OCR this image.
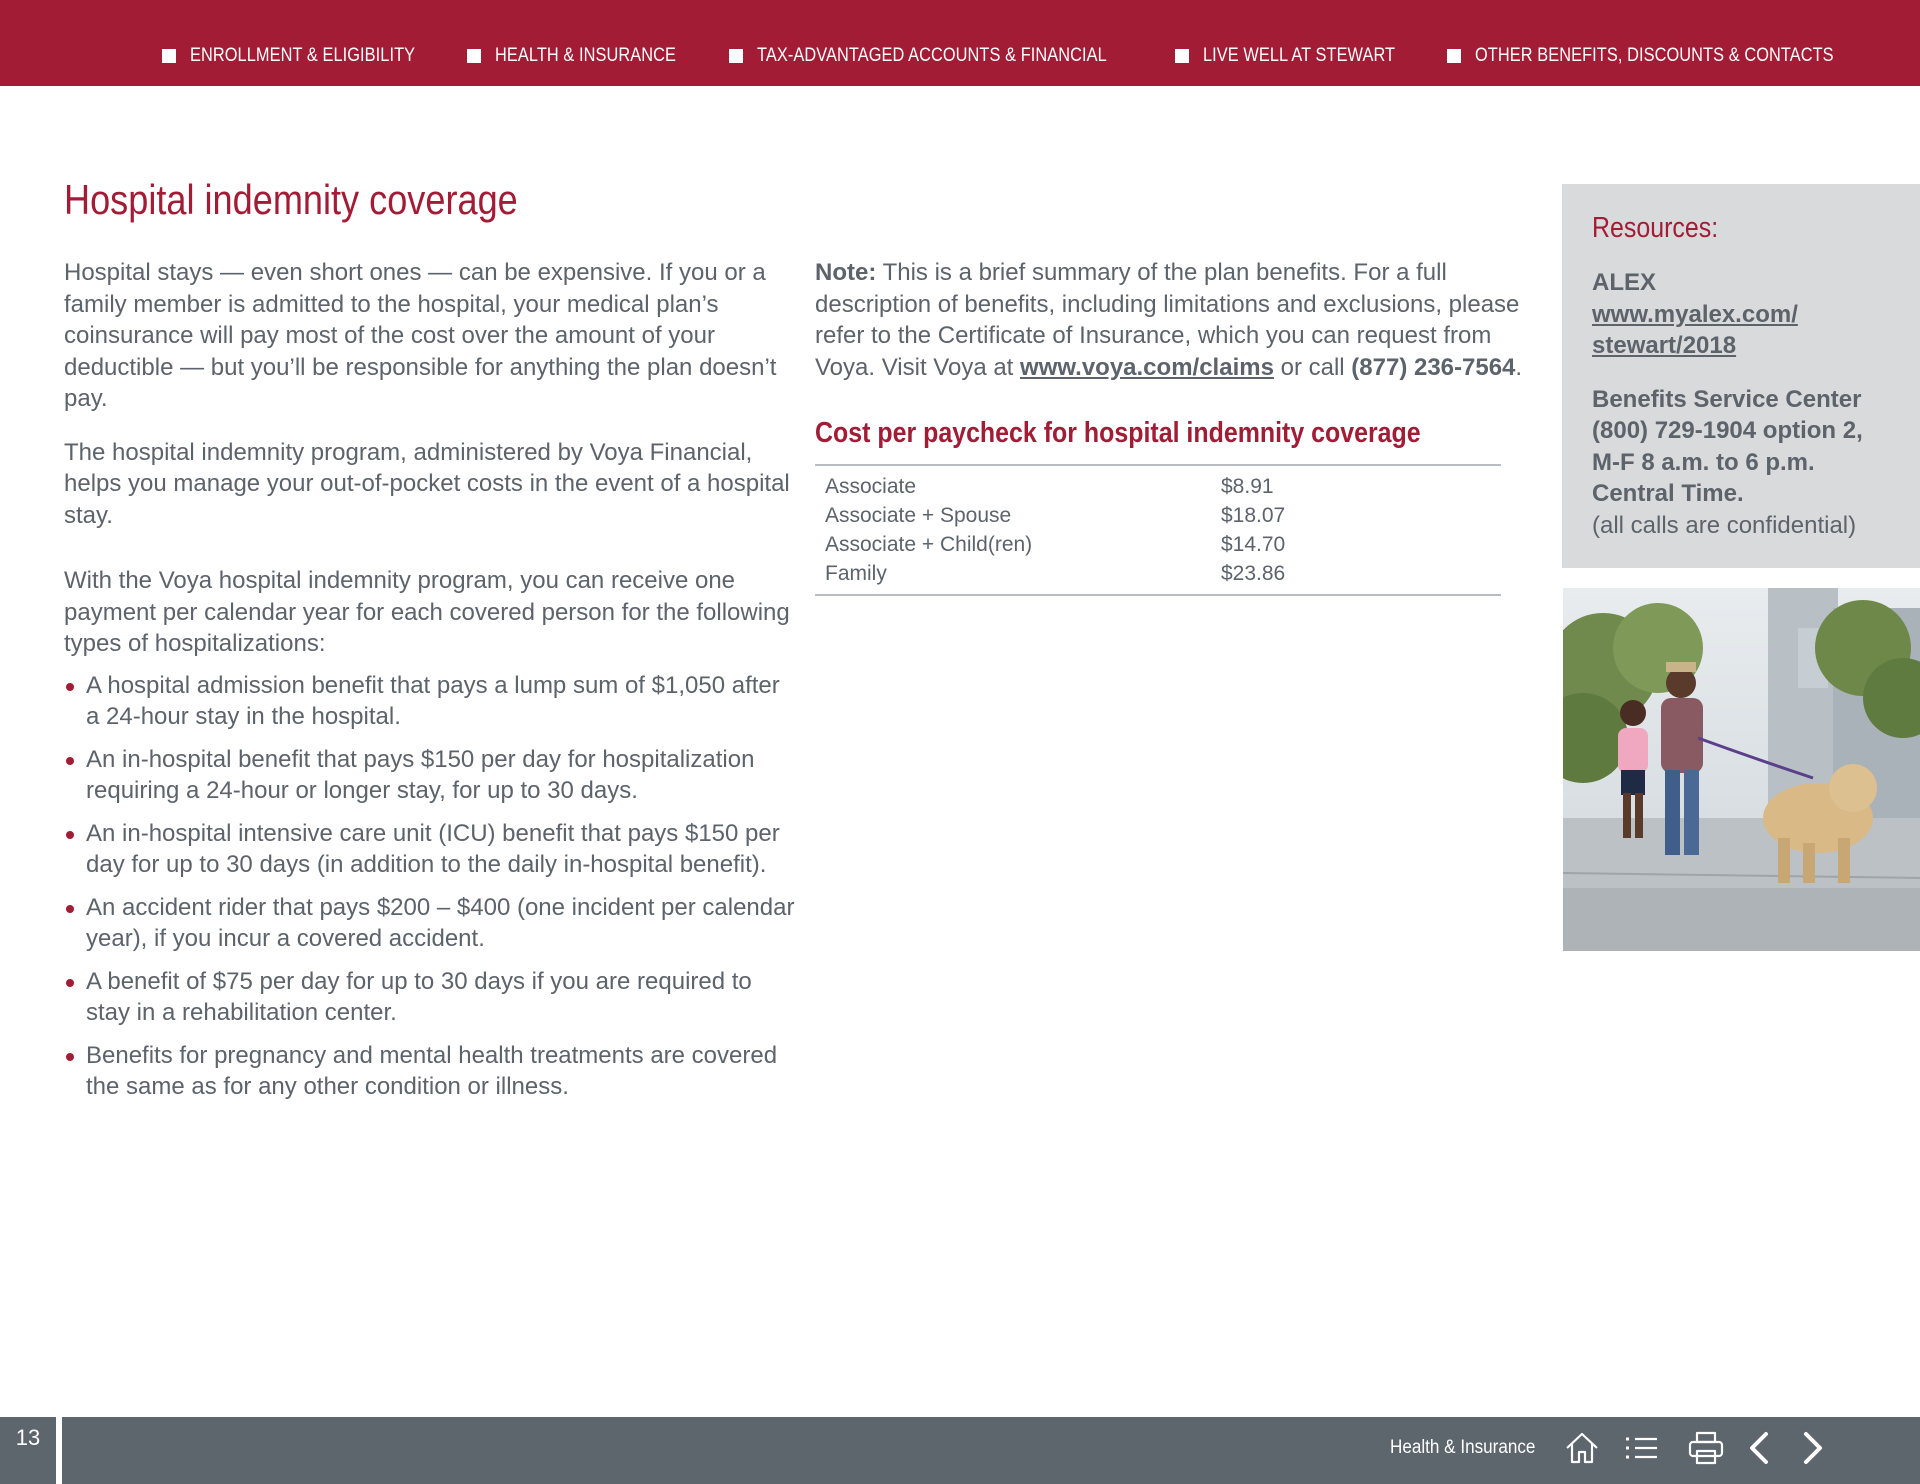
ENROLLMENT & ELIGIBILITY	HEALTH & INSURANCE	TAX-ADVANTAGED ACCOUNTS & FINANCIAL	LIVE WELL AT STEWART	OTHER BENEFITS, DISCOUNTS & CONTACTS
Hospital indemnity coverage

Hospital stays — even short ones — can be expensive. If you or a family member is admitted to the hospital, your medical plan’s coinsurance will pay most of the cost over the amount of your deductible — but you’ll be responsible for anything the plan doesn’t pay.

The hospital indemnity program, administered by Voya Financial, helps you manage your out-of-pocket costs in the event of a hospital stay.

With the Voya hospital indemnity program, you can receive one payment per calendar year for each covered person for the following types of hospitalizations:

A hospital admission benefit that pays a lump sum of $1,050 after a 24-hour stay in the hospital.
An in-hospital benefit that pays $150 per day for hospitalization requiring a 24-hour or longer stay, for up to 30 days.
An in-hospital intensive care unit (ICU) benefit that pays $150 per day for up to 30 days (in addition to the daily in-hospital benefit).
An accident rider that pays $200 – $400 (one incident per calendar year), if you incur a covered accident.
A benefit of $75 per day for up to 30 days if you are required to stay in a rehabilitation center.
Benefits for pregnancy and mental health treatments are covered the same as for any other condition or illness.

Note: This is a brief summary of the plan benefits. For a full description of benefits, including limitations and exclusions, please refer to the Certificate of Insurance, which you can request from Voya. Visit Voya at www.voya.com/claims or call (877) 236-7564.

Cost per paycheck for hospital indemnity coverage
Associate	$8.91
Associate + Spouse	$18.07
Associate + Child(ren)	$14.70
Family	$23.86
Resources:
ALEX
www.myalex.com/
stewart/2018
Benefits Service Center
(800) 729-1904 option 2,
M-F 8 a.m. to 6 p.m.
Central Time.
(all calls are confidential)
13	Health & Insurance
